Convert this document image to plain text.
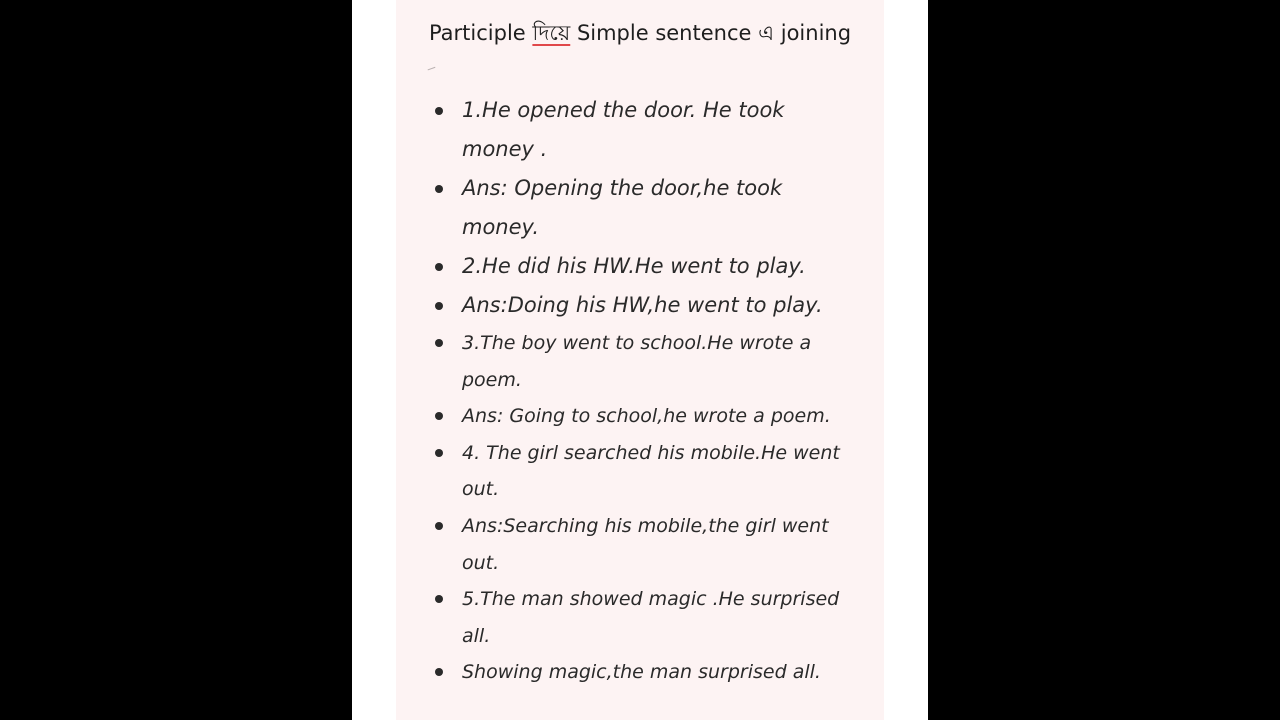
Participle দিয়ে Simple sentence এ joining
1.He opened the door. He took money .
Ans: Opening the door,he took money.
2.He did his HW.He went to play.
Ans:Doing his HW,he went to play.
3.The boy went to school.He wrote a poem.
Ans: Going to school,he wrote a poem.
4. The girl searched his mobile.He went out.
Ans:Searching his mobile,the girl went out.
5.The man showed magic .He surprised all.
Showing magic,the man surprised all.
